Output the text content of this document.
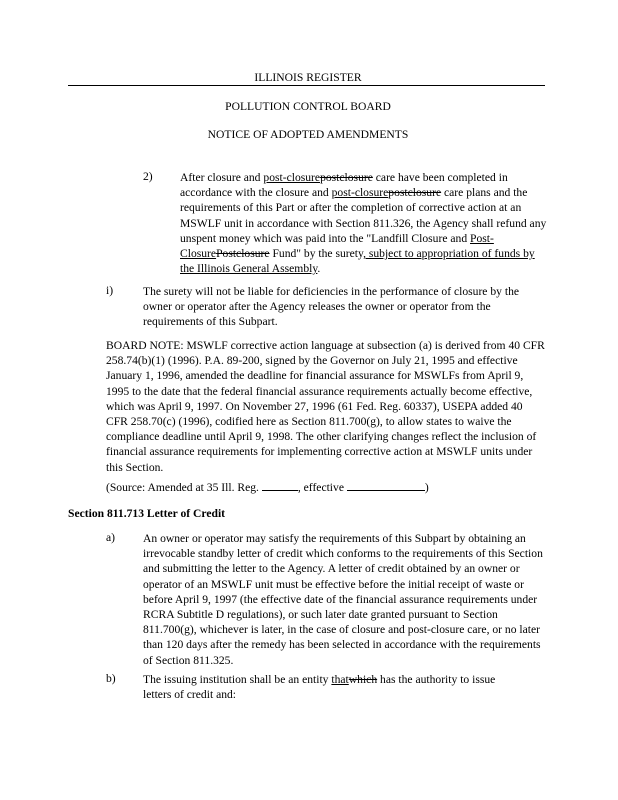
ILLINOIS REGISTER
POLLUTION CONTROL BOARD
NOTICE OF ADOPTED AMENDMENTS
2) After closure and post-closurepostclosure care have been completed in accordance with the closure and post-closurepostclosure care plans and the requirements of this Part or after the completion of corrective action at an MSWLF unit in accordance with Section 811.326, the Agency shall refund any unspent money which was paid into the "Landfill Closure and Post-ClosurePostclosure Fund" by the surety, subject to appropriation of funds by the Illinois General Assembly.
i)	The surety will not be liable for deficiencies in the performance of closure by the owner or operator after the Agency releases the owner or operator from the requirements of this Subpart.
BOARD NOTE: MSWLF corrective action language at subsection (a) is derived from 40 CFR 258.74(b)(1) (1996). P.A. 89-200, signed by the Governor on July 21, 1995 and effective January 1, 1996, amended the deadline for financial assurance for MSWLFs from April 9, 1995 to the date that the federal financial assurance requirements actually become effective, which was April 9, 1997. On November 27, 1996 (61 Fed. Reg. 60337), USEPA added 40 CFR 258.70(c) (1996), codified here as Section 811.700(g), to allow states to waive the compliance deadline until April 9, 1998. The other clarifying changes reflect the inclusion of financial assurance requirements for implementing corrective action at MSWLF units under this Section.
(Source: Amended at 35 Ill. Reg.	, effective	)
Section 811.713 Letter of Credit
a) An owner or operator may satisfy the requirements of this Subpart by obtaining an irrevocable standby letter of credit which conforms to the requirements of this Section and submitting the letter to the Agency. A letter of credit obtained by an owner or operator of an MSWLF unit must be effective before the initial receipt of waste or before April 9, 1997 (the effective date of the financial assurance requirements under RCRA Subtitle D regulations), or such later date granted pursuant to Section 811.700(g), whichever is later, in the case of closure and post-closure care, or no later than 120 days after the remedy has been selected in accordance with the requirements of Section 811.325.
b) The issuing institution shall be an entity thatwhich has the authority to issue letters of credit and:
